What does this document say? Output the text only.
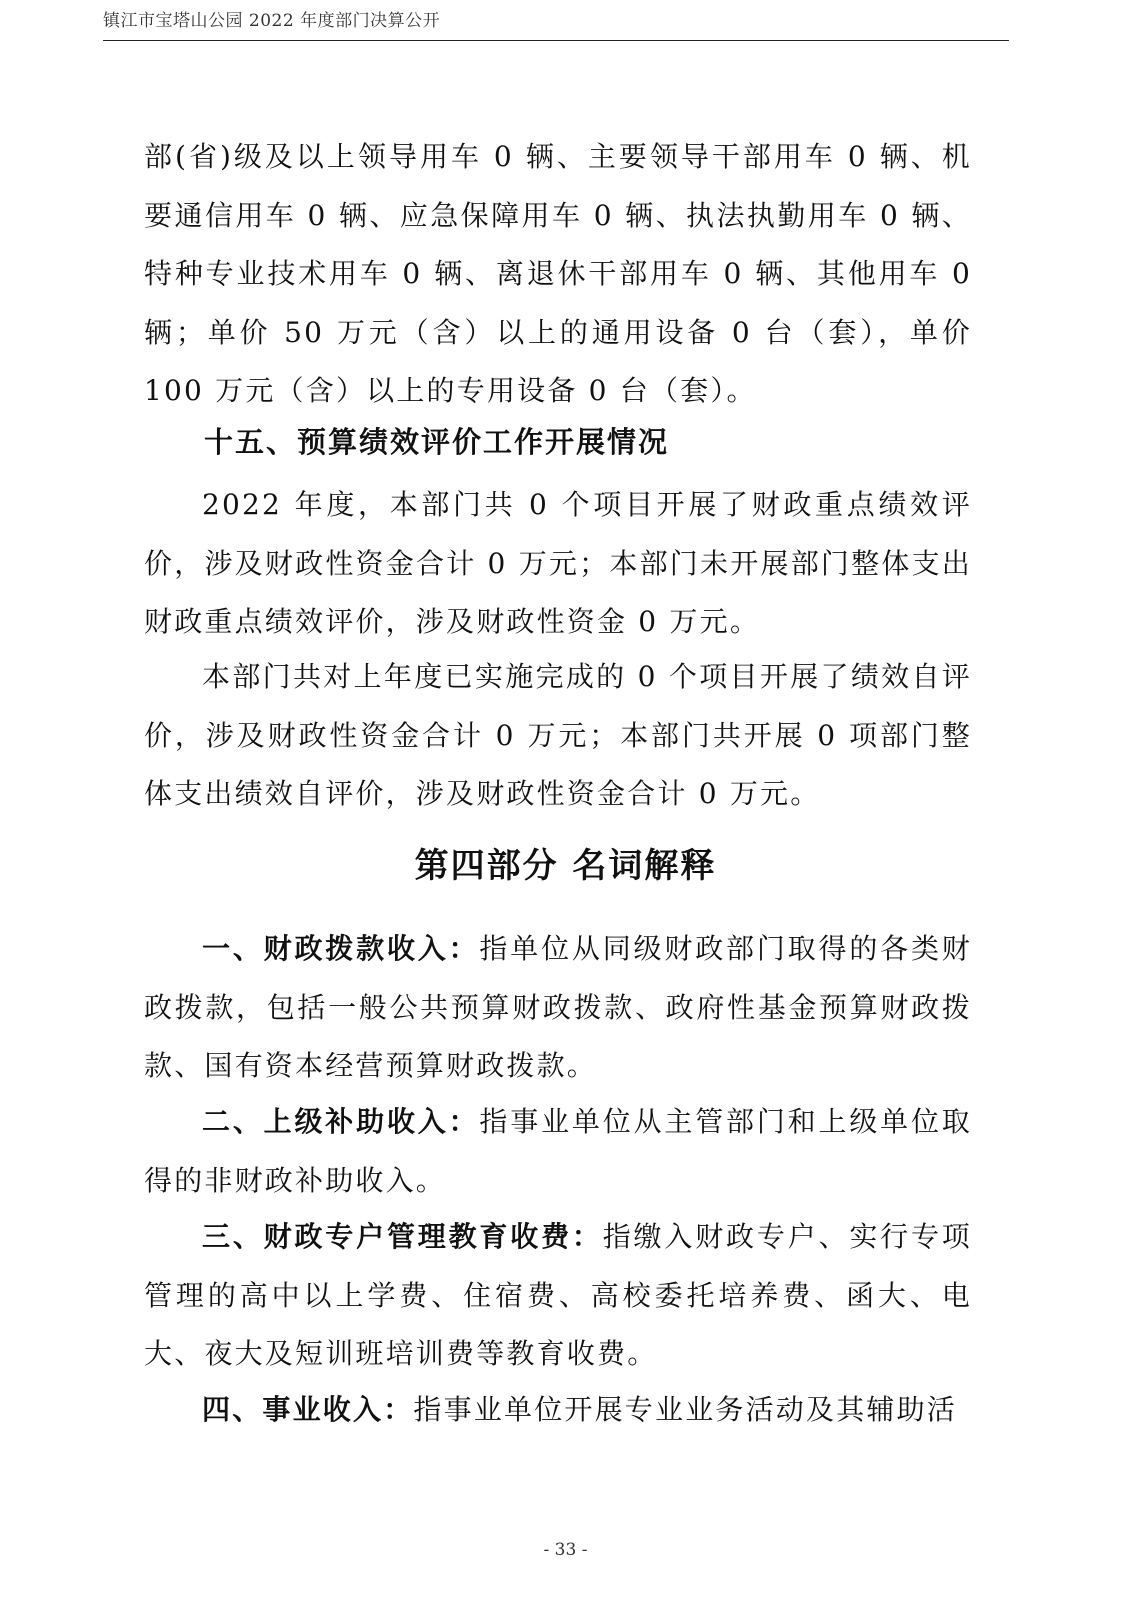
镇江市宝塔山公园 2022 年度部门决算公开

部(省)级及以上领导用车 0 辆、主要领导干部用车 0 辆、机要通信用车 0 辆、应急保障用车 0 辆、执法执勤用车 0 辆、特种专业技术用车 0 辆、离退休干部用车 0 辆、其他用车 0 辆；单价 50 万元（含）以上的通用设备 0 台（套），单价 100 万元（含）以上的专用设备 0 台（套）。

十五、预算绩效评价工作开展情况

2022 年度，本部门共 0 个项目开展了财政重点绩效评价，涉及财政性资金合计 0 万元；本部门未开展部门整体支出财政重点绩效评价，涉及财政性资金 0 万元。

本部门共对上年度已实施完成的 0 个项目开展了绩效自评价，涉及财政性资金合计 0 万元；本部门共开展 0 项部门整体支出绩效自评价，涉及财政性资金合计 0 万元。

第四部分 名词解释

一、财政拨款收入：指单位从同级财政部门取得的各类财政拨款，包括一般公共预算财政拨款、政府性基金预算财政拨款、国有资本经营预算财政拨款。

二、上级补助收入：指事业单位从主管部门和上级单位取得的非财政补助收入。

三、财政专户管理教育收费：指缴入财政专户、实行专项管理的高中以上学费、住宿费、高校委托培养费、函大、电大、夜大及短训班培训费等教育收费。

四、事业收入：指事业单位开展专业业务活动及其辅助活

- 33 -
